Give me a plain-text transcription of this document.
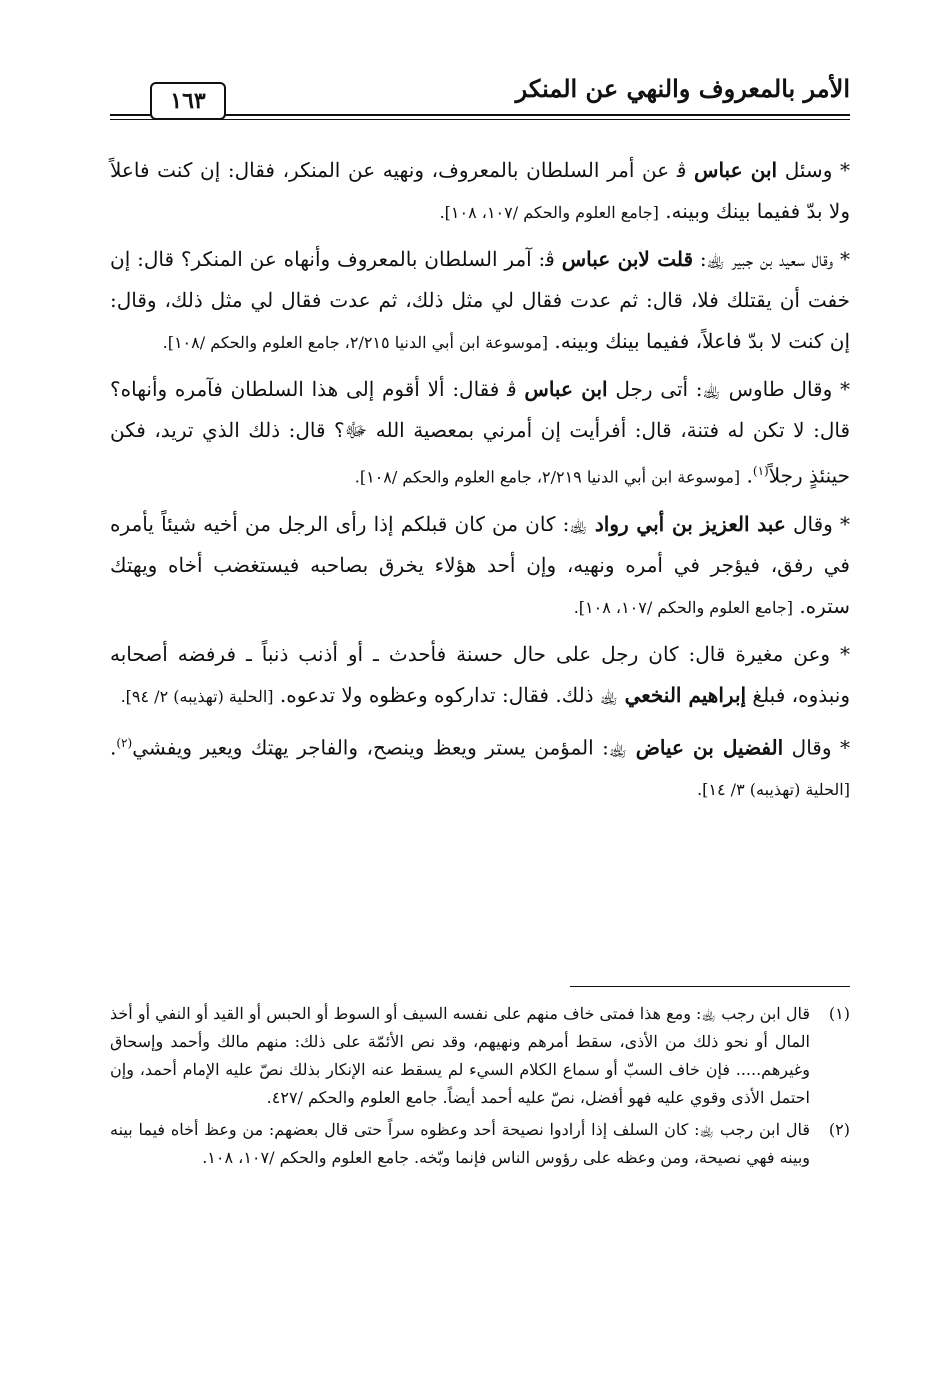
الأمر بالمعروف والنهي عن المنكر
١٦٣

* وسئل ابن عباس ﭬ عن أمر السلطان بالمعروف، ونهيه عن المنكر، فقال: إن كنت فاعلاً ولا بدّ ففيما بينك وبينه. [جامع العلوم والحكم /١٠٧، ١٠٨].

* وقال سعيد بن جبير ﵀: قلت لابن عباس ﭬ: آمر السلطان بالمعروف وأنهاه عن المنكر؟ قال: إن خفت أن يقتلك فلا، قال: ثم عدت فقال لي مثل ذلك، ثم عدت فقال لي مثل ذلك، وقال: إن كنت لا بدّ فاعلاً، ففيما بينك وبينه. [موسوعة ابن أبي الدنيا ٢/٢١٥، جامع العلوم والحكم /١٠٨].

* وقال طاوس ﵀: أتى رجل ابن عباس ﭬ فقال: ألا أقوم إلى هذا السلطان فآمره وأنهاه؟ قال: لا تكن له فتنة، قال: أفرأيت إن أمرني بمعصية الله ﷻ؟ قال: ذلك الذي تريد، فكن حينئذٍ رجلاً$^{(١)}$. [موسوعة ابن أبي الدنيا ٢/٢١٩، جامع العلوم والحكم /١٠٨].

* وقال عبد العزيز بن أبي رواد ﵀: كان من كان قبلكم إذا رأى الرجل من أخيه شيئاً يأمره في رفق، فيؤجر في أمره ونهيه، وإن أحد هؤلاء يخرق بصاحبه فيستغضب أخاه ويهتك ستره. [جامع العلوم والحكم /١٠٧، ١٠٨].

* وعن مغيرة قال: كان رجل على حال حسنة فأحدث ـ أو أذنب ذنباً ـ فرفضه أصحابه ونبذوه، فبلغ إبراهيم النخعي ﵀ ذلك. فقال: تداركوه وعظوه ولا تدعوه. [الحلية (تهذيبه) ٢/ ٩٤].

* وقال الفضيل بن عياض ﵀: المؤمن يستر ويعظ وينصح، والفاجر يهتك ويعير ويفشي$^{(٢)}$. [الحلية (تهذيبه) ٣/ ١٤].

(١)
قال ابن رجب ﵀: ومع هذا فمتى خاف منهم على نفسه السيف أو السوط أو الحبس أو القيد أو النفي أو أخذ المال أو نحو ذلك من الأذى، سقط أمرهم ونهيهم، وقد نص الأئمّة على ذلك: منهم مالك وأحمد وإسحاق وغيرهم..... فإن خاف السبّ أو سماع الكلام السيء لم يسقط عنه الإنكار بذلك نصّ عليه الإمام أحمد، وإن احتمل الأذى وقوي عليه فهو أفضل، نصّ عليه أحمد أيضاً. جامع العلوم والحكم /٤٢٧.
(٢)
قال ابن رجب ﵀: كان السلف إذا أرادوا نصيحة أحد وعظوه سراً حتى قال بعضهم: من وعظ أخاه فيما بينه وبينه فهي نصيحة، ومن وعظه على رؤوس الناس فإنما وبّخه. جامع العلوم والحكم /١٠٧، ١٠٨.
